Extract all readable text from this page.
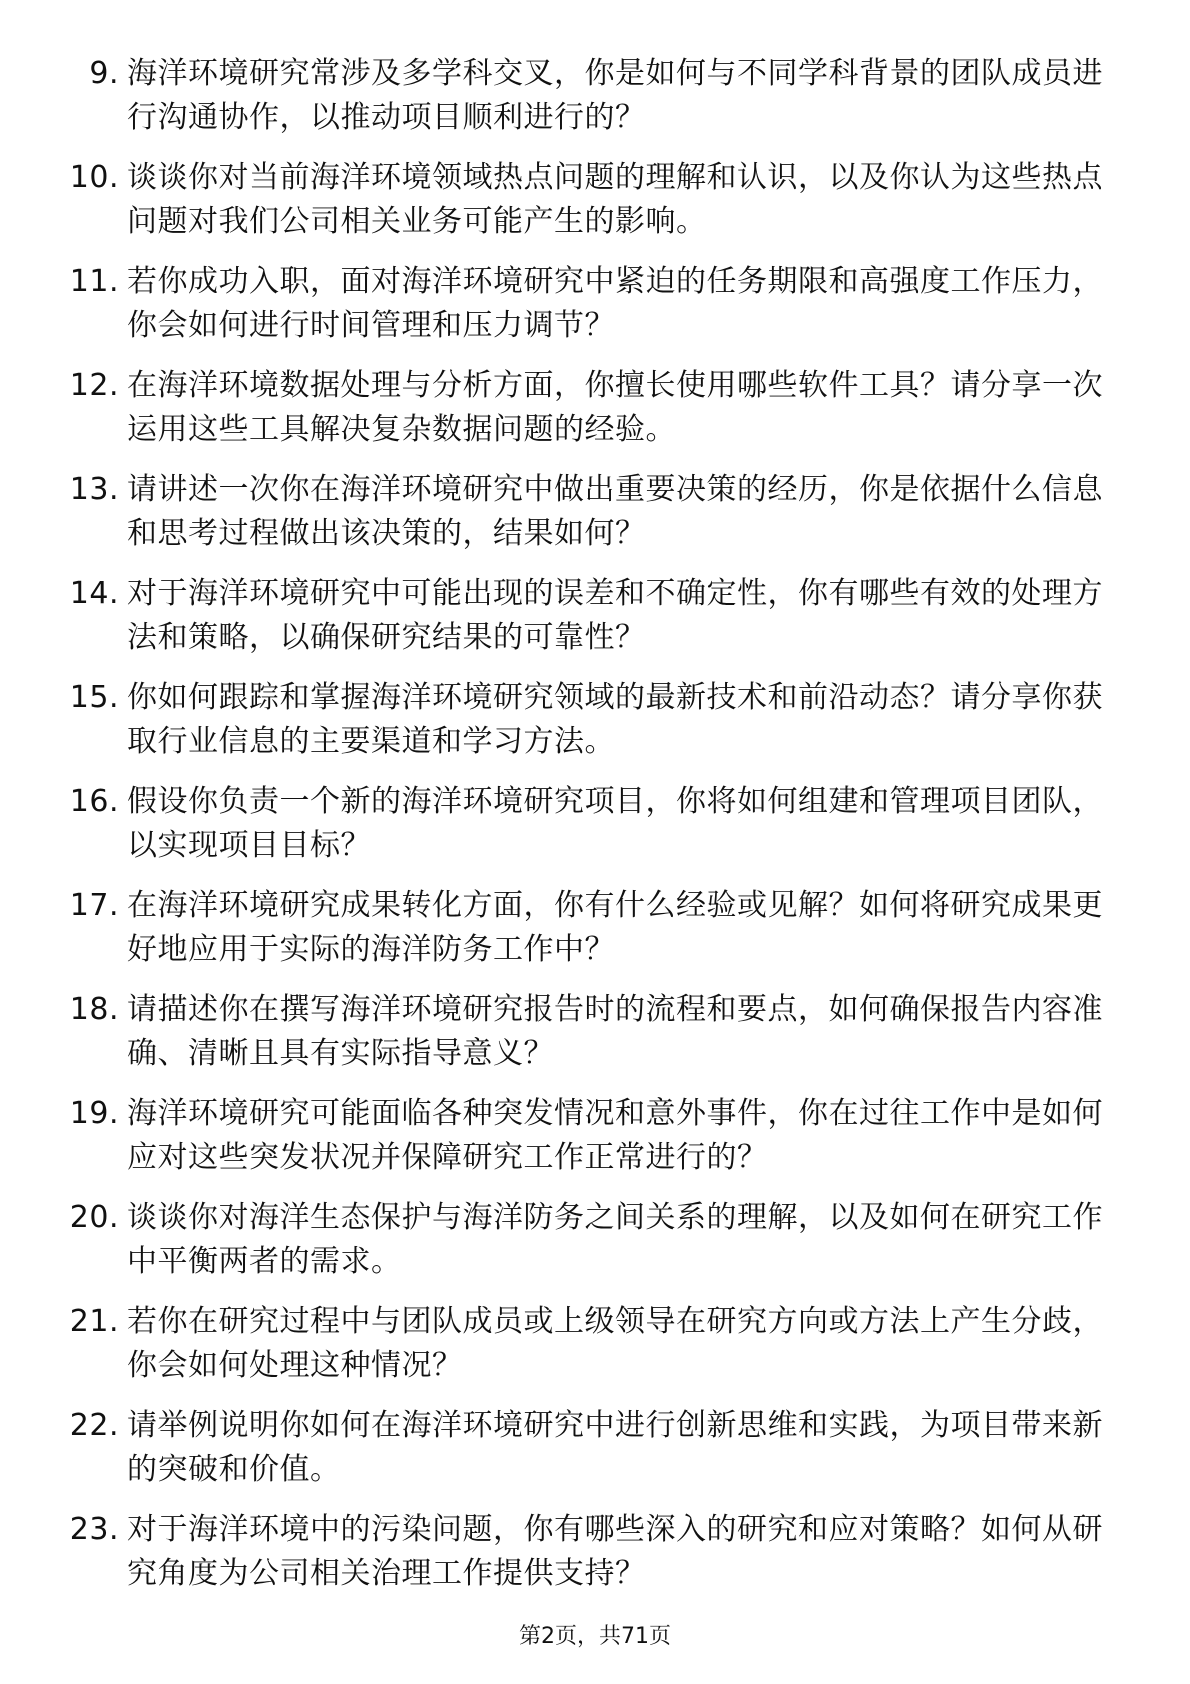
9. 海洋环境研究常涉及多学科交叉，你是如何与不同学科背景的团队成员进行沟通协作，以推动项目顺利进行的？
10. 谈谈你对当前海洋环境领域热点问题的理解和认识，以及你认为这些热点问题对我们公司相关业务可能产生的影响。
11. 若你成功入职，面对海洋环境研究中紧迫的任务期限和高强度工作压力，你会如何进行时间管理和压力调节？
12. 在海洋环境数据处理与分析方面，你擅长使用哪些软件工具？请分享一次运用这些工具解决复杂数据问题的经验。
13. 请讲述一次你在海洋环境研究中做出重要决策的经历，你是依据什么信息和思考过程做出该决策的，结果如何？
14. 对于海洋环境研究中可能出现的误差和不确定性，你有哪些有效的处理方法和策略，以确保研究结果的可靠性？
15. 你如何跟踪和掌握海洋环境研究领域的最新技术和前沿动态？请分享你获取行业信息的主要渠道和学习方法。
16. 假设你负责一个新的海洋环境研究项目，你将如何组建和管理项目团队，以实现项目目标？
17. 在海洋环境研究成果转化方面，你有什么经验或见解？如何将研究成果更好地应用于实际的海洋防务工作中？
18. 请描述你在撰写海洋环境研究报告时的流程和要点，如何确保报告内容准确、清晰且具有实际指导意义？
19. 海洋环境研究可能面临各种突发情况和意外事件，你在过往工作中是如何应对这些突发状况并保障研究工作正常进行的？
20. 谈谈你对海洋生态保护与海洋防务之间关系的理解，以及如何在研究工作中平衡两者的需求。
21. 若你在研究过程中与团队成员或上级领导在研究方向或方法上产生分歧，你会如何处理这种情况？
22. 请举例说明你如何在海洋环境研究中进行创新思维和实践，为项目带来新的突破和价值。
23. 对于海洋环境中的污染问题，你有哪些深入的研究和应对策略？如何从研究角度为公司相关治理工作提供支持？
第2页，共71页
